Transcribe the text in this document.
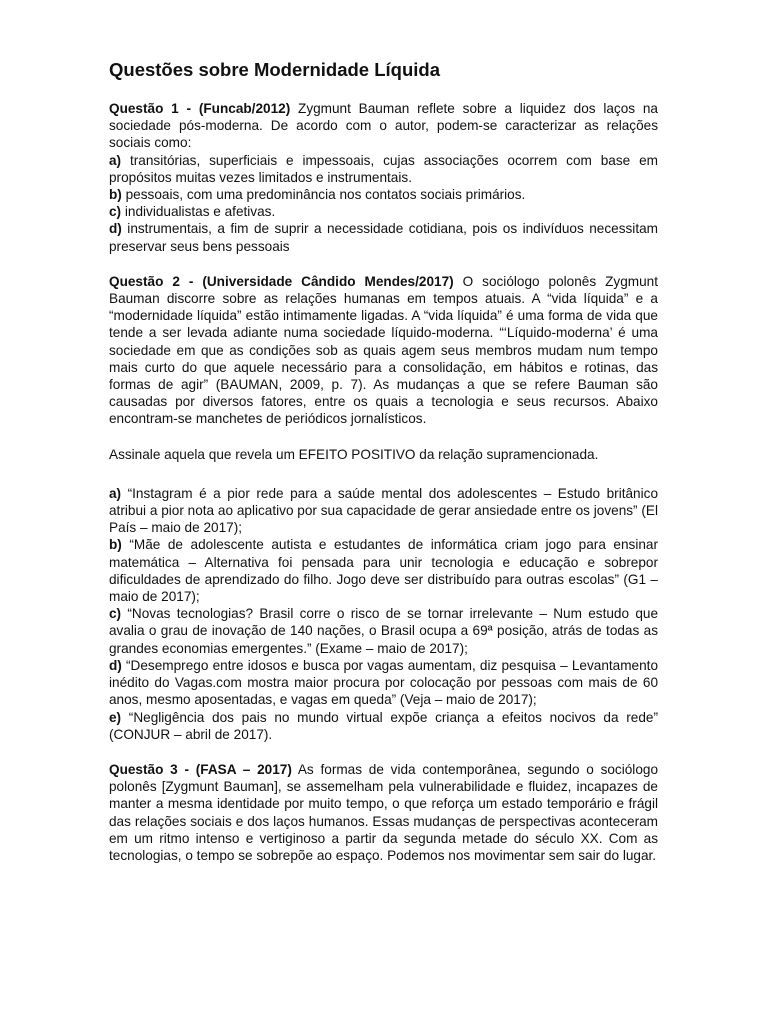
Questões sobre Modernidade Líquida

Questão 1 - (Funcab/2012) Zygmunt Bauman reflete sobre a liquidez dos laços na sociedade pós-moderna. De acordo com o autor, podem-se caracterizar as relações sociais como:

a) transitórias, superficiais e impessoais, cujas associações ocorrem com base em propósitos muitas vezes limitados e instrumentais.

b) pessoais, com uma predominância nos contatos sociais primários.

c) individualistas e afetivas.

d) instrumentais, a fim de suprir a necessidade cotidiana, pois os indivíduos necessitam preservar seus bens pessoais

Questão 2 - (Universidade Cândido Mendes/2017) O sociólogo polonês Zygmunt Bauman discorre sobre as relações humanas em tempos atuais. A “vida líquida” e a “modernidade líquida” estão intimamente ligadas. A “vida líquida” é uma forma de vida que tende a ser levada adiante numa sociedade líquido-moderna. “‘Líquido-moderna’ é uma sociedade em que as condições sob as quais agem seus membros mudam num tempo mais curto do que aquele necessário para a consolidação, em hábitos e rotinas, das formas de agir” (BAUMAN, 2009, p. 7). As mudanças a que se refere Bauman são causadas por diversos fatores, entre os quais a tecnologia e seus recursos. Abaixo encontram-se manchetes de periódicos jornalísticos.

Assinale aquela que revela um EFEITO POSITIVO da relação supramencionada.

a) “Instagram é a pior rede para a saúde mental dos adolescentes – Estudo britânico atribui a pior nota ao aplicativo por sua capacidade de gerar ansiedade entre os jovens” (El País – maio de 2017);

b) “Mãe de adolescente autista e estudantes de informática criam jogo para ensinar matemática – Alternativa foi pensada para unir tecnologia e educação e sobrepor dificuldades de aprendizado do filho. Jogo deve ser distribuído para outras escolas” (G1 – maio de 2017);

c) “Novas tecnologias? Brasil corre o risco de se tornar irrelevante – Num estudo que avalia o grau de inovação de 140 nações, o Brasil ocupa a 69ª posição, atrás de todas as grandes economias emergentes.” (Exame – maio de 2017);

d) “Desemprego entre idosos e busca por vagas aumentam, diz pesquisa – Levantamento inédito do Vagas.com mostra maior procura por colocação por pessoas com mais de 60 anos, mesmo aposentadas, e vagas em queda” (Veja – maio de 2017);

e) “Negligência dos pais no mundo virtual expõe criança a efeitos nocivos da rede” (CONJUR – abril de 2017).

Questão 3 - (FASA – 2017) As formas de vida contemporânea, segundo o sociólogo polonês [Zygmunt Bauman], se assemelham pela vulnerabilidade e fluidez, incapazes de manter a mesma identidade por muito tempo, o que reforça um estado temporário e frágil das relações sociais e dos laços humanos. Essas mudanças de perspectivas aconteceram em um ritmo intenso e vertiginoso a partir da segunda metade do século XX. Com as tecnologias, o tempo se sobrepõe ao espaço. Podemos nos movimentar sem sair do lugar.
